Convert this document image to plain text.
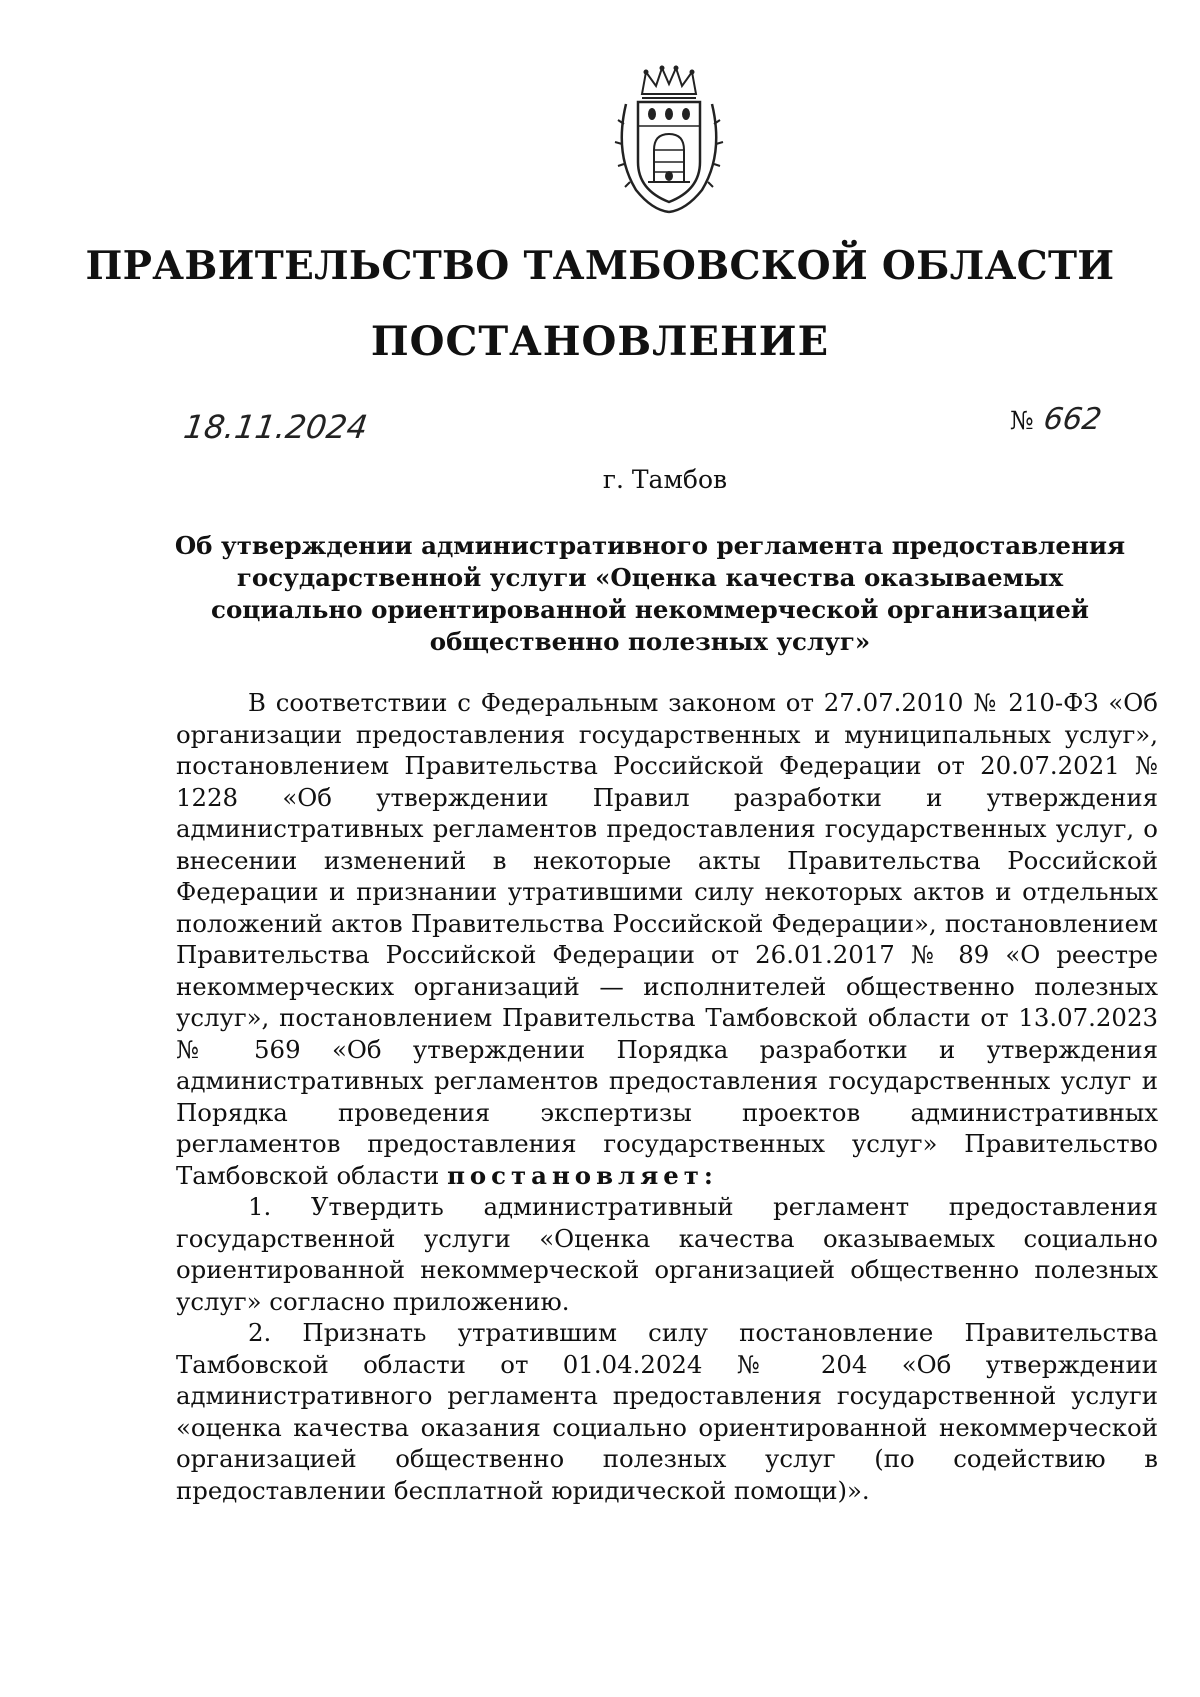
ПРАВИТЕЛЬСТВО ТАМБОВСКОЙ ОБЛАСТИ
ПОСТАНОВЛЕНИЕ
18.11.2024	№ 662
г. Тамбов
Об утверждении административного регламента предоставления государственной услуги «Оценка качества оказываемых социально ориентированной некоммерческой организацией общественно полезных услуг»

В соответствии с Федеральным законом от 27.07.2010 № 210-ФЗ «Об организации предоставления государственных и муниципальных услуг», постановлением Правительства Российской Федерации от 20.07.2021 № 1228 «Об утверждении Правил разработки и утверждения административных регламентов предоставления государственных услуг, о внесении изменений в некоторые акты Правительства Российской Федерации и признании утратившими силу некоторых актов и отдельных положений актов Правительства Российской Федерации», постановлением Правительства Российской Федерации от 26.01.2017 № 89 «О реестре некоммерческих организаций — исполнителей общественно полезных услуг», постановлением Правительства Тамбовской области от 13.07.2023 № 569 «Об утверждении Порядка разработки и утверждения административных регламентов предоставления государственных услуг и Порядка проведения экспертизы проектов административных регламентов предоставления государственных услуг» Правительство Тамбовской области постановляет:

1. Утвердить административный регламент предоставления государственной услуги «Оценка качества оказываемых социально ориентированной некоммерческой организацией общественно полезных услуг» согласно приложению.

2. Признать утратившим силу постановление Правительства Тамбовской области от 01.04.2024 № 204 «Об утверждении административного регламента предоставления государственной услуги «оценка качества оказания социально ориентированной некоммерческой организацией общественно полезных услуг (по содействию в предоставлении бесплатной юридической помощи)».
